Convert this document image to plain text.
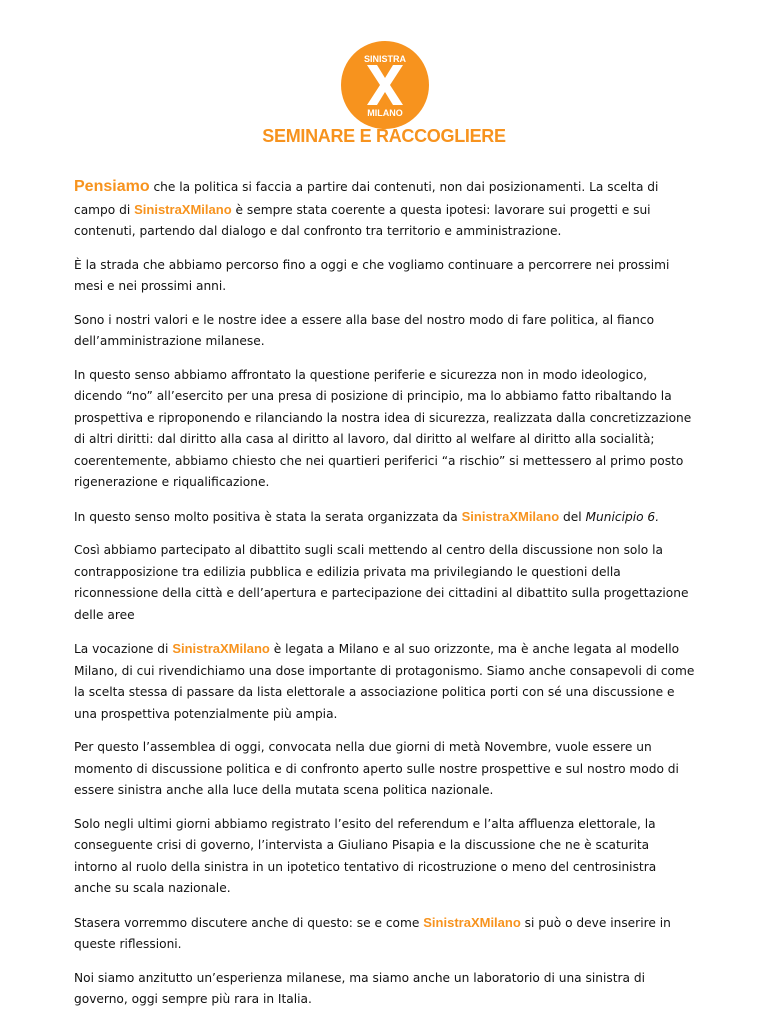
SINISTRA
MILANO
SEMINARE E RACCOGLIERE

Pensiamo che la politica si faccia a partire dai contenuti, non dai posizionamenti. La scelta di campo di SinistraXMilano è sempre stata coerente a questa ipotesi: lavorare sui progetti e sui contenuti, partendo dal dialogo e dal confronto tra territorio e amministrazione.

È la strada che abbiamo percorso fino a oggi e che vogliamo continuare a percorrere nei prossimi mesi e nei prossimi anni.

Sono i nostri valori e le nostre idee a essere alla base del nostro modo di fare politica, al fianco dell’amministrazione milanese.

In questo senso abbiamo affrontato la questione periferie e sicurezza non in modo ideologico, dicendo “no” all’esercito per una presa di posizione di principio, ma lo abbiamo fatto ribaltando la prospettiva e riproponendo e rilanciando la nostra idea di sicurezza, realizzata dalla concretizzazione di altri diritti: dal diritto alla casa al diritto al lavoro, dal diritto al welfare al diritto alla socialità; coerentemente, abbiamo chiesto che nei quartieri periferici “a rischio” si mettessero al primo posto rigenerazione e riqualificazione.

In questo senso molto positiva è stata la serata organizzata da SinistraXMilano del Municipio 6.

Così abbiamo partecipato al dibattito sugli scali mettendo al centro della discussione non solo la contrapposizione tra edilizia pubblica e edilizia privata ma privilegiando le questioni della riconnessione della città e dell’apertura e partecipazione dei cittadini al dibattito sulla progettazione delle aree

La vocazione di SinistraXMilano è legata a Milano e al suo orizzonte, ma è anche legata al modello Milano, di cui rivendichiamo una dose importante di protagonismo. Siamo anche consapevoli di come la scelta stessa di passare da lista elettorale a associazione politica porti con sé una discussione e una prospettiva potenzialmente più ampia.

Per questo l’assemblea di oggi, convocata nella due giorni di metà Novembre, vuole essere un momento di discussione politica e di confronto aperto sulle nostre prospettive e sul nostro modo di essere sinistra anche alla luce della mutata scena politica nazionale.

Solo negli ultimi giorni abbiamo registrato l’esito del referendum e l’alta affluenza elettorale, la conseguente crisi di governo, l’intervista a Giuliano Pisapia e la discussione che ne è scaturita intorno al ruolo della sinistra in un ipotetico tentativo di ricostruzione o meno del centrosinistra anche su scala nazionale.

Stasera vorremmo discutere anche di questo: se e come SinistraXMilano si può o deve inserire in queste riflessioni.

Noi siamo anzitutto un’esperienza milanese, ma siamo anche un laboratorio di una sinistra di governo, oggi sempre più rara in Italia.
